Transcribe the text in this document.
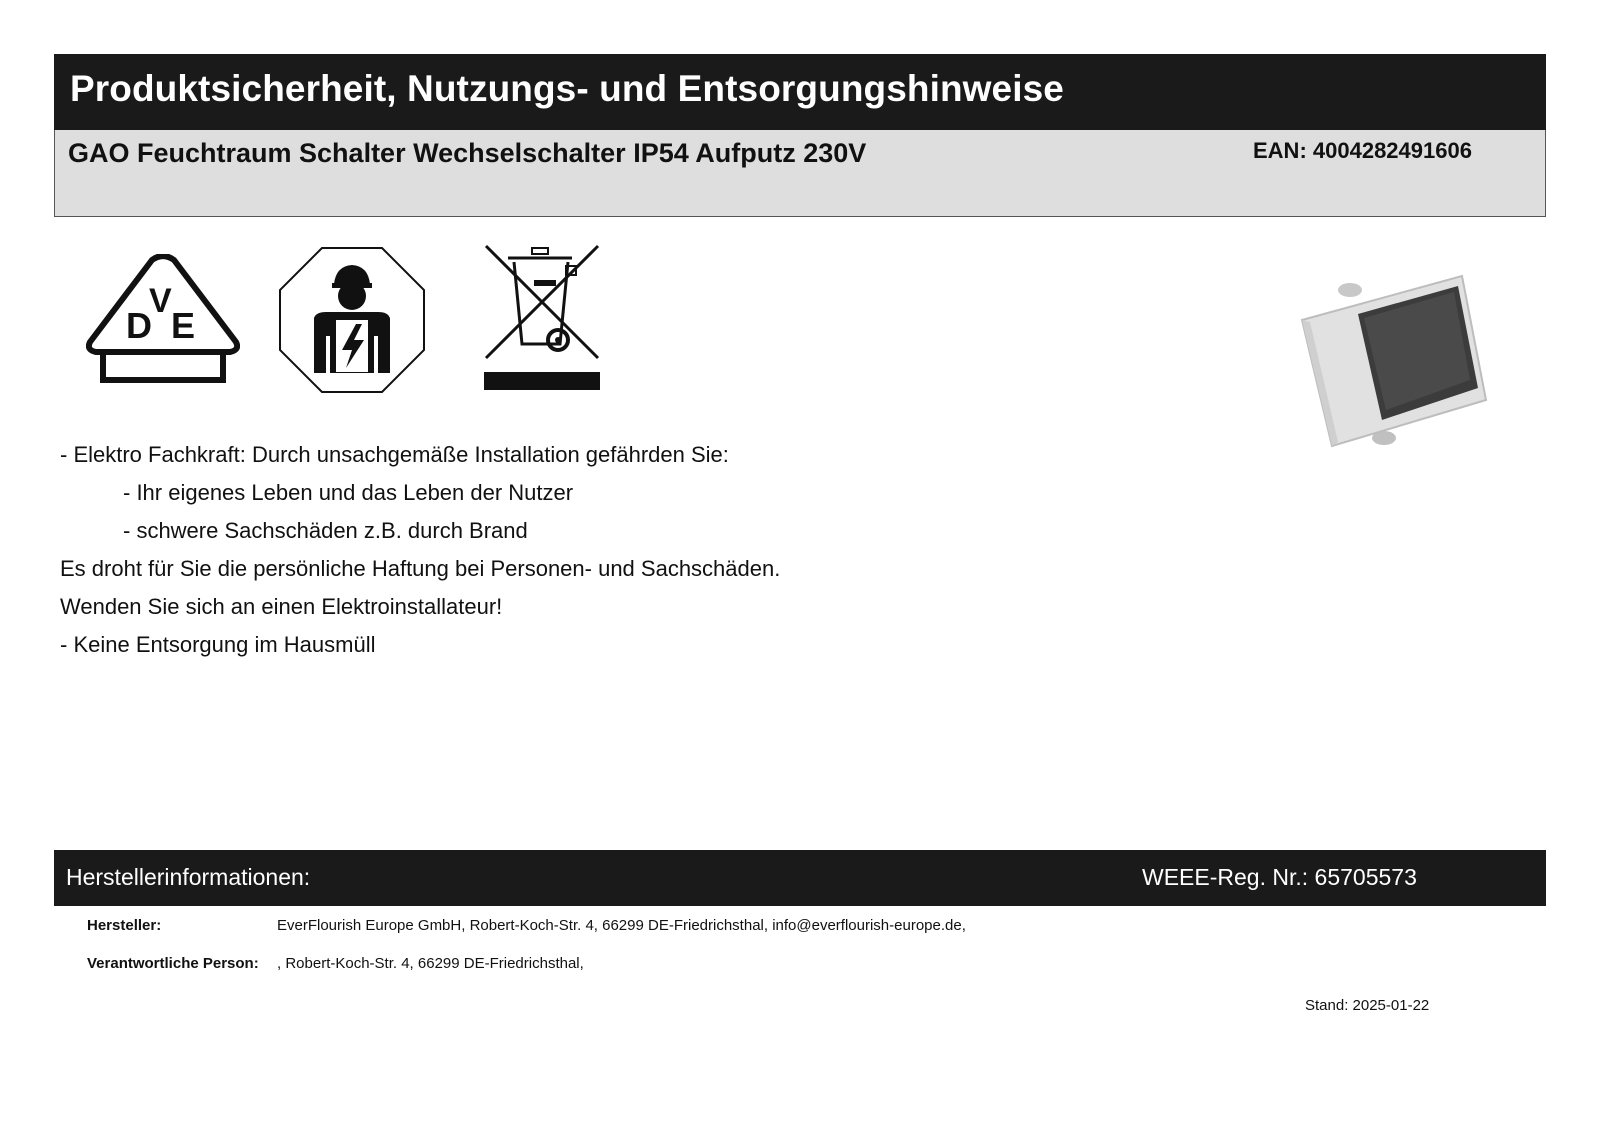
Produktsicherheit, Nutzungs- und Entsorgungshinweise
GAO Feuchtraum Schalter Wechselschalter IP54 Aufputz 230V	EAN: 4004282491606
D
V
E

- Elektro Fachkraft: Durch unsachgemäße Installation gefährden Sie:

- Ihr eigenes Leben und das Leben der Nutzer

- schwere Sachschäden z.B. durch Brand

Es droht für Sie die persönliche Haftung bei Personen- und Sachschäden.

Wenden Sie sich an einen Elektroinstallateur!

- Keine Entsorgung im Hausmüll

Herstellerinformationen:	WEEE-Reg. Nr.: 65705573
Hersteller:	EverFlourish Europe GmbH, Robert-Koch-Str. 4, 66299 DE-Friedrichsthal, info@everflourish-europe.de,
Verantwortliche Person: , Robert-Koch-Str. 4, 66299 DE-Friedrichsthal,
Stand: 2025-01-22
